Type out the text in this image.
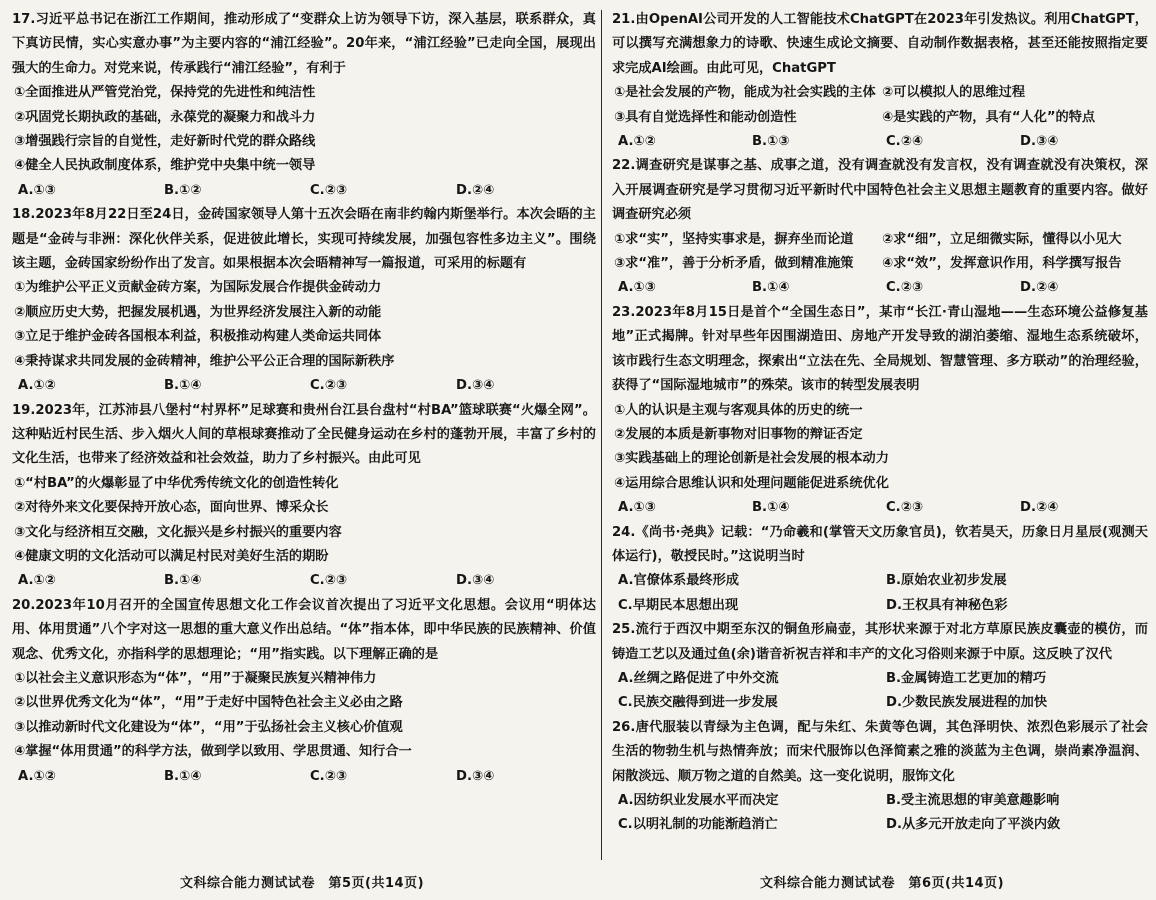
17.习近平总书记在浙江工作期间，推动形成了“变群众上访为领导下访，深入基层，联系群众，真下真访民情，实心实意办事”为主要内容的“浦江经验”。20年来，“浦江经验”已走向全国，展现出强大的生命力。对党来说，传承践行“浦江经验”，有利于
①全面推进从严管党治党，保持党的先进性和纯洁性
②巩固党长期执政的基础，永葆党的凝聚力和战斗力
③增强践行宗旨的自觉性，走好新时代党的群众路线
④健全人民执政制度体系，维护党中央集中统一领导
A.①③	B.①②	C.②③	D.②④
18.2023年8月22日至24日，金砖国家领导人第十五次会晤在南非约翰内斯堡举行。本次会晤的主题是“金砖与非洲：深化伙伴关系，促进彼此增长，实现可持续发展，加强包容性多边主义”。围绕该主题，金砖国家纷纷作出了发言。如果根据本次会晤精神写一篇报道，可采用的标题有
①为维护公平正义贡献金砖方案，为国际发展合作提供金砖动力
②顺应历史大势，把握发展机遇，为世界经济发展注入新的动能
③立足于维护金砖各国根本利益，积极推动构建人类命运共同体
④秉持谋求共同发展的金砖精神，维护公平公正合理的国际新秩序
A.①②	B.①④	C.②③	D.③④
19.2023年，江苏沛县八堡村“村界杯”足球赛和贵州台江县台盘村“村BA”篮球联赛“火爆全网”。这种贴近村民生活、步入烟火人间的草根球赛推动了全民健身运动在乡村的蓬勃开展，丰富了乡村的文化生活，也带来了经济效益和社会效益，助力了乡村振兴。由此可见
①“村BA”的火爆彰显了中华优秀传统文化的创造性转化
②对待外来文化要保持开放心态，面向世界、博采众长
③文化与经济相互交融，文化振兴是乡村振兴的重要内容
④健康文明的文化活动可以满足村民对美好生活的期盼
A.①②	B.①④	C.②③	D.③④
20.2023年10月召开的全国宣传思想文化工作会议首次提出了习近平文化思想。会议用“明体达用、体用贯通”八个字对这一思想的重大意义作出总结。“体”指本体，即中华民族的民族精神、价值观念、优秀文化，亦指科学的思想理论；“用”指实践。以下理解正确的是
①以社会主义意识形态为“体”，“用”于凝聚民族复兴精神伟力
②以世界优秀文化为“体”，“用”于走好中国特色社会主义必由之路
③以推动新时代文化建设为“体”，“用”于弘扬社会主义核心价值观
④掌握“体用贯通”的科学方法，做到学以致用、学思贯通、知行合一
A.①②	B.①④	C.②③	D.③④
21.由OpenAI公司开发的人工智能技术ChatGPT在2023年引发热议。利用ChatGPT，可以撰写充满想象力的诗歌、快速生成论文摘要、自动制作数据表格，甚至还能按照指定要求完成AI绘画。由此可见，ChatGPT
①是社会发展的产物，能成为社会实践的主体 ②可以模拟人的思维过程
③具有自觉选择性和能动创造性	④是实践的产物，具有“人化”的特点
A.①②	B.①③	C.②④	D.③④
22.调查研究是谋事之基、成事之道，没有调查就没有发言权，没有调查就没有决策权，深入开展调查研究是学习贯彻习近平新时代中国特色社会主义思想主题教育的重要内容。做好调查研究必须
①求“实”，坚持实事求是，摒弃坐而论道	②求“细”，立足细微实际，懂得以小见大
③求“准”，善于分析矛盾，做到精准施策	④求“效”，发挥意识作用，科学撰写报告
A.①③	B.①④	C.②③	D.②④
23.2023年8月15日是首个“全国生态日”，某市“长江·青山湿地——生态环境公益修复基地”正式揭牌。针对早些年因围湖造田、房地产开发导致的湖泊萎缩、湿地生态系统破坏，该市践行生态文明理念，探索出“立法在先、全局规划、智慧管理、多方联动”的治理经验，获得了“国际湿地城市”的殊荣。该市的转型发展表明
①人的认识是主观与客观具体的历史的统一
②发展的本质是新事物对旧事物的辩证否定
③实践基础上的理论创新是社会发展的根本动力
④运用综合思维认识和处理问题能促进系统优化
A.①③	B.①④	C.②③	D.②④
24.《尚书·尧典》记载：“乃命羲和(掌管天文历象官员)，钦若昊天，历象日月星辰(观测天体运行)，敬授民时。”这说明当时
A.官僚体系最终形成	B.原始农业初步发展
C.早期民本思想出现	D.王权具有神秘色彩
25.流行于西汉中期至东汉的铜鱼形扁壶，其形状来源于对北方草原民族皮囊壶的模仿，而铸造工艺以及通过鱼(余)谐音祈祝吉祥和丰产的文化习俗则来源于中原。这反映了汉代
A.丝绸之路促进了中外交流	B.金属铸造工艺更加的精巧
C.民族交融得到进一步发展	D.少数民族发展进程的加快
26.唐代服装以青绿为主色调，配与朱红、朱黄等色调，其色泽明快、浓烈色彩展示了社会生活的物勃生机与热情奔放；而宋代服饰以色泽简素之雅的淡蓝为主色调，崇尚素净温润、闲散淡远、顺万物之道的自然美。这一变化说明，服饰文化
A.因纺织业发展水平而决定	B.受主流思想的审美意趣影响
C.以明礼制的功能渐趋消亡	D.从多元开放走向了平淡内敛
文科综合能力测试试卷　第5页(共14页)	文科综合能力测试试卷　第6页(共14页)
